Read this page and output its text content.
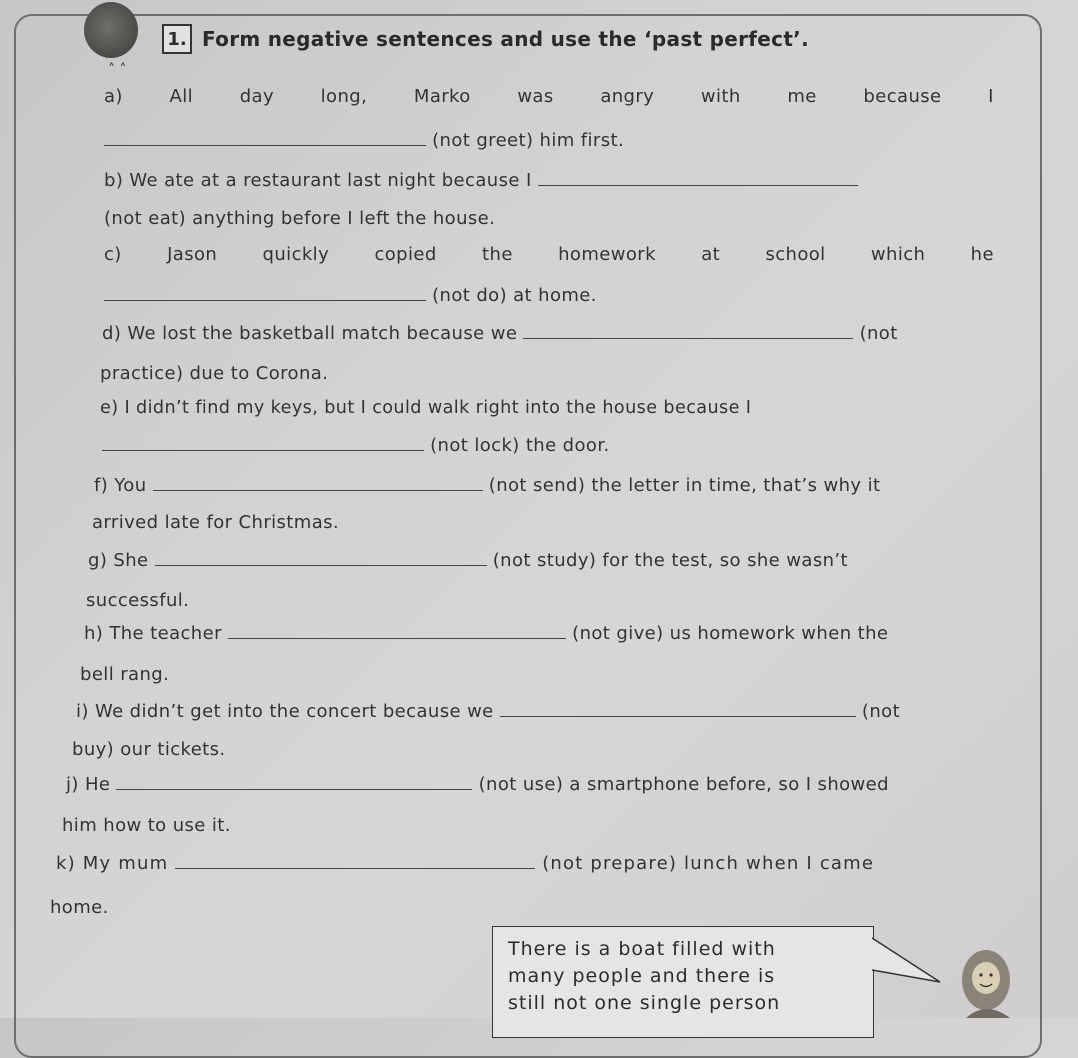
˄ ˄
1. Form negative sentences and use the ‘past perfect’.
a)	All	day	long,	Marko	was	angry	with	me	because	I
(not greet) him first.
b) We ate at a restaurant last night because I
(not eat) anything before I left the house.
c)	Jason	quickly	copied	the	homework	at	school	which	he
(not do) at home.
d) We lost the basketball match because we	(not
practice) due to Corona.
e) I didn’t find my keys, but I could walk right into the house because I
(not lock) the door.
f) You	(not send) the letter in time, that’s why it
arrived late for Christmas.
g) She	(not study) for the test, so she wasn’t
successful.
h) The teacher	(not give) us homework when the
bell rang.
i) We didn’t get into the concert because we	(not
buy) our tickets.
j) He	(not use) a smartphone before, so I showed
him how to use it.
k) My mum	(not prepare) lunch when I came
home.
There is a boat filled with
many people and there is
still not one single person
